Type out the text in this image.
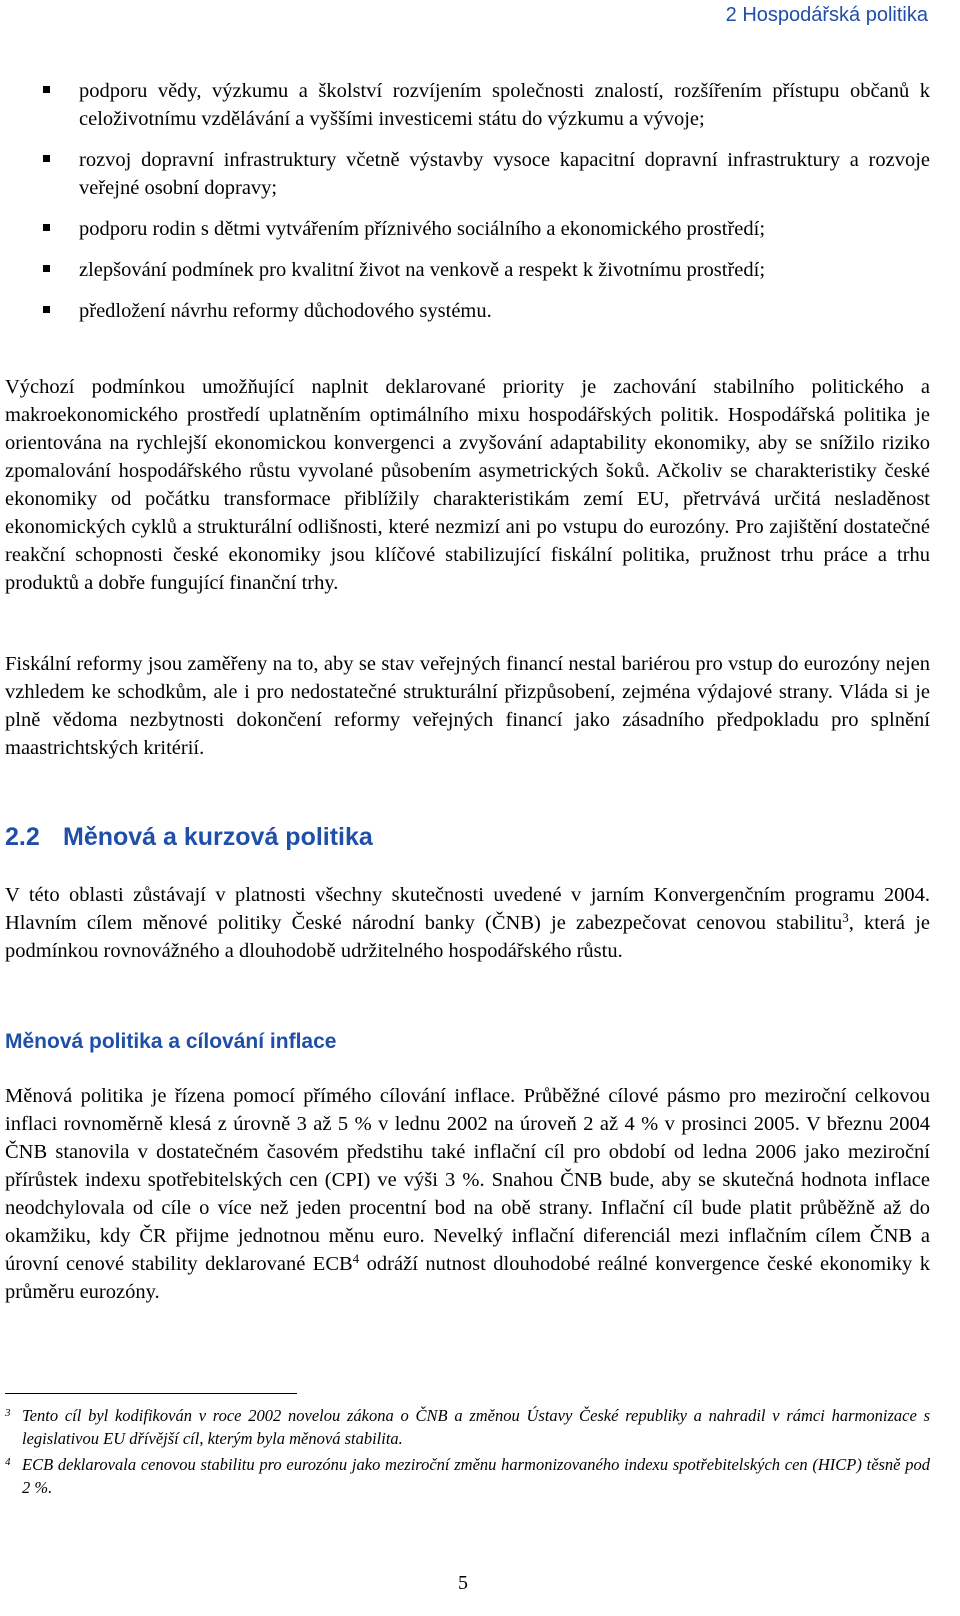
2 Hospodářská politika
podporu vědy, výzkumu a školství rozvíjením společnosti znalostí, rozšířením přístupu občanů k celoživotnímu vzdělávání a vyššími investicemi státu do výzkumu a vývoje;
rozvoj dopravní infrastruktury včetně výstavby vysoce kapacitní dopravní infrastruktury a rozvoje veřejné osobní dopravy;
podporu rodin s dětmi vytvářením příznivého sociálního a ekonomického prostředí;
zlepšování podmínek pro kvalitní život na venkově a respekt k životnímu prostředí;
předložení návrhu reformy důchodového systému.

Výchozí podmínkou umožňující naplnit deklarované priority je zachování stabilního politického a makroekonomického prostředí uplatněním optimálního mixu hospodářských politik. Hospodářská politika je orientována na rychlejší ekonomickou konvergenci a zvyšování adaptability ekonomiky, aby se snížilo riziko zpomalování hospodářského růstu vyvolané působením asymetrických šoků. Ačkoliv se charakteristiky české ekonomiky od počátku transformace přiblížily charakteristikám zemí EU, přetrvává určitá nesladěnost ekonomických cyklů a strukturální odlišnosti, které nezmizí ani po vstupu do eurozóny. Pro zajištění dostatečné reakční schopnosti české ekonomiky jsou klíčové stabilizující fiskální politika, pružnost trhu práce a trhu produktů a dobře fungující finanční trhy.

Fiskální reformy jsou zaměřeny na to, aby se stav veřejných financí nestal bariérou pro vstup do eurozóny nejen vzhledem ke schodkům, ale i pro nedostatečné strukturální přizpůsobení, zejména výdajové strany. Vláda si je plně vědoma nezbytnosti dokončení reformy veřejných financí jako zásadního předpokladu pro splnění maastrichtských kritérií.

2.2 Měnová a kurzová politika

V této oblasti zůstávají v platnosti všechny skutečnosti uvedené v jarním Konvergenčním programu 2004. Hlavním cílem měnové politiky České národní banky (ČNB) je zabezpečovat cenovou stabilitu$^3$, která je podmínkou rovnovážného a dlouhodobě udržitelného hospodářského růstu.

Měnová politika a cílování inflace

Měnová politika je řízena pomocí přímého cílování inflace. Průběžné cílové pásmo pro meziroční celkovou inflaci rovnoměrně klesá z úrovně 3 až 5 % v lednu 2002 na úroveň 2 až 4 % v prosinci 2005. V březnu 2004 ČNB stanovila v dostatečném časovém předstihu také inflační cíl pro období od ledna 2006 jako meziroční přírůstek indexu spotřebitelských cen (CPI) ve výši 3 %. Snahou ČNB bude, aby se skutečná hodnota inflace neodchylovala od cíle o více než jeden procentní bod na obě strany. Inflační cíl bude platit průběžně až do okamžiku, kdy ČR přijme jednotnou měnu euro. Nevelký inflační diferenciál mezi inflačním cílem ČNB a úrovní cenové stability deklarované ECB$^4$ odráží nutnost dlouhodobé reálné konvergence české ekonomiky k průměru eurozóny.

3 Tento cíl byl kodifikován v roce 2002 novelou zákona o ČNB a změnou Ústavy České republiky a nahradil v rámci harmonizace s legislativou EU dřívější cíl, kterým byla měnová stabilita.
4 ECB deklarovala cenovou stabilitu pro eurozónu jako meziroční změnu harmonizovaného indexu spotřebitelských cen (HICP) těsně pod 2 %.
5
